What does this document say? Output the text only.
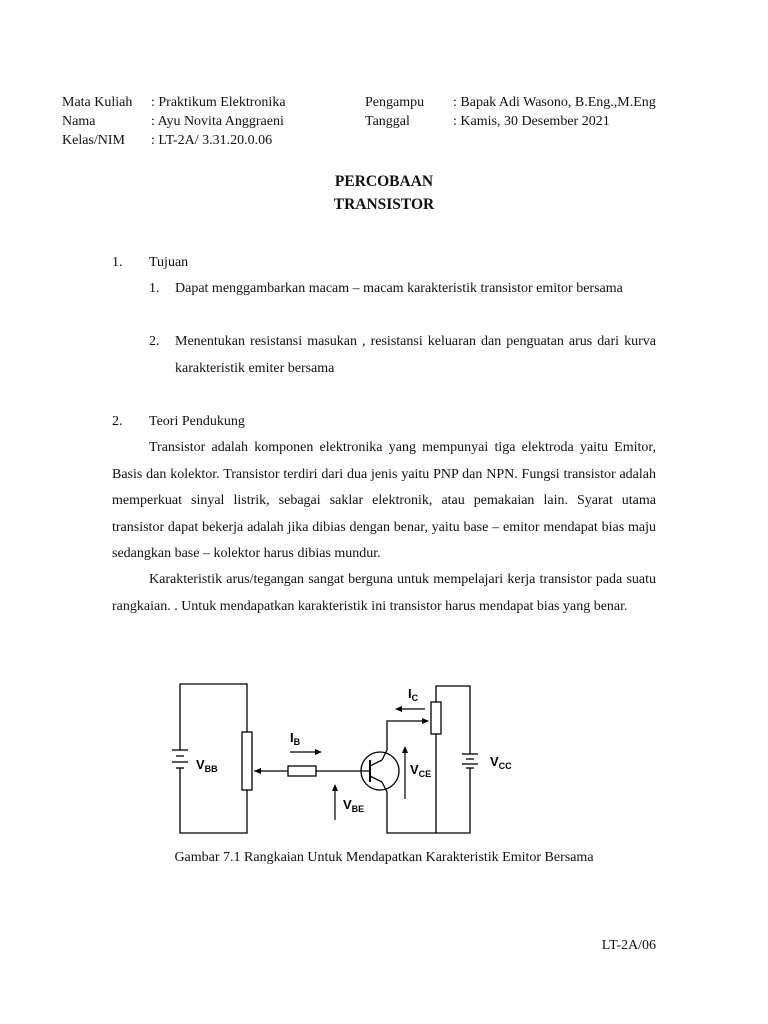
Mata Kuliah : Praktikum Elektronika	Pengampu : Bapak Adi Wasono, B.Eng.,M.Eng
Nama	: Ayu Novita Anggraeni	Tanggal	: Kamis, 30 Desember 2021
Kelas/NIM : LT-2A/ 3.31.20.0.06
PERCOBAAN
TRANSISTOR
1. Tujuan
1. Dapat menggambarkan macam – macam karakteristik transistor emitor bersama
2. Menentukan resistansi masukan , resistansi keluaran dan penguatan arus dari kurva karakteristik emiter bersama
2. Teori Pendukung
Transistor adalah komponen elektronika yang mempunyai tiga elektroda yaitu Emitor, Basis dan kolektor. Transistor terdiri dari dua jenis yaitu PNP dan NPN. Fungsi transistor adalah memperkuat sinyal listrik, sebagai saklar elektronik, atau pemakaian lain. Syarat utama transistor dapat bekerja adalah jika dibias dengan benar, yaitu base – emitor mendapat bias maju sedangkan base – kolektor harus dibias mundur.
Karakteristik arus/tegangan sangat berguna untuk mempelajari kerja transistor pada suatu rangkaian. . Untuk mendapatkan karakteristik ini transistor harus mendapat bias yang benar.
$V_{BB}$	$V_{CC}$
$I_B$
$I_C$
$V_{CE}$
$V_{BE}$
Gambar 7.1 Rangkaian Untuk Mendapatkan Karakteristik Emitor Bersama
LT-2A/06
